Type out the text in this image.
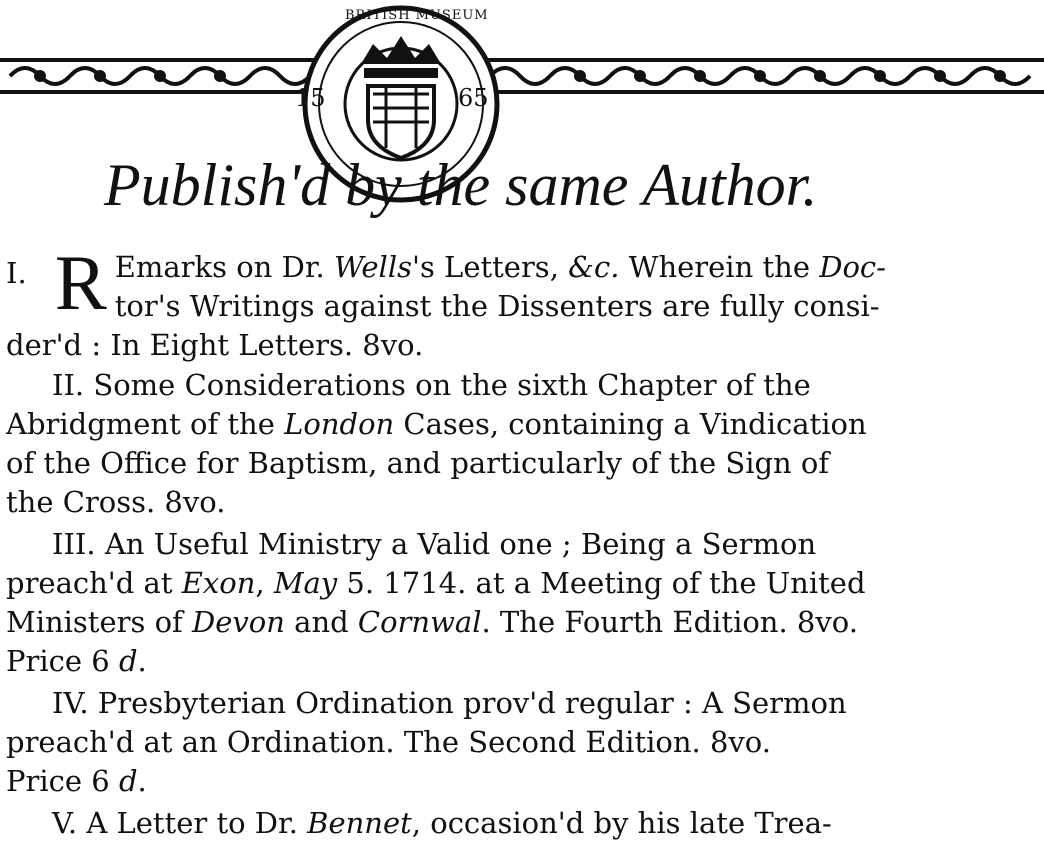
BRITISH MUSEUM
15	65
Publish'd by the same Author.
I. R Emarks on Dr. Wells's Letters, &c. Wherein the Doc-
tor's Writings against the Dissenters are fully consi-
der'd : In Eight Letters. 8vo.
II. Some Considerations on the sixth Chapter of the
Abridgment of the London Cases, containing a Vindication
of the Office for Baptism, and particularly of the Sign of
the Cross. 8vo.
III. An Useful Ministry a Valid one ; Being a Sermon
preach'd at Exon, May 5. 1714. at a Meeting of the United
Ministers of Devon and Cornwal. The Fourth Edition. 8vo.
Price 6 d.
IV. Presbyterian Ordination prov'd regular : A Sermon
preach'd at an Ordination. The Second Edition. 8vo.
Price 6 d.
V. A Letter to Dr. Bennet, occasion'd by his late Trea-
